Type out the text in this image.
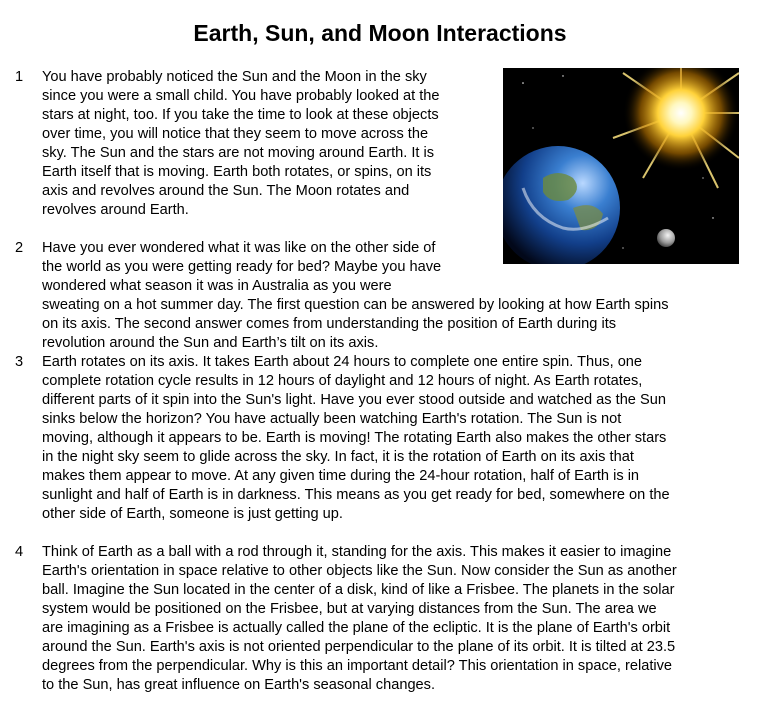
Earth, Sun, and Moon Interactions
1 You have probably noticed the Sun and the Moon in the sky
since you were a small child. You have probably looked at the
stars at night, too. If you take the time to look at these objects
over time, you will notice that they seem to move across the
sky. The Sun and the stars are not moving around Earth. It is
Earth itself that is moving. Earth both rotates, or spins, on its
axis and revolves around the Sun. The Moon rotates and
revolves around Earth.
2 Have you ever wondered what it was like on the other side of
the world as you were getting ready for bed? Maybe you have
wondered what season it was in Australia as you were
sweating on a hot summer day. The first question can be answered by looking at how Earth spins
on its axis. The second answer comes from understanding the position of Earth during its
revolution around the Sun and Earth’s tilt on its axis.
3 Earth rotates on its axis. It takes Earth about 24 hours to complete one entire spin. Thus, one
complete rotation cycle results in 12 hours of daylight and 12 hours of night. As Earth rotates,
different parts of it spin into the Sun's light. Have you ever stood outside and watched as the Sun
sinks below the horizon? You have actually been watching Earth's rotation. The Sun is not
moving, although it appears to be. Earth is moving! The rotating Earth also makes the other stars
in the night sky seem to glide across the sky. In fact, it is the rotation of Earth on its axis that
makes them appear to move. At any given time during the 24-hour rotation, half of Earth is in
sunlight and half of Earth is in darkness. This means as you get ready for bed, somewhere on the
other side of Earth, someone is just getting up.
4 Think of Earth as a ball with a rod through it, standing for the axis. This makes it easier to imagine
Earth's orientation in space relative to other objects like the Sun. Now consider the Sun as another
ball. Imagine the Sun located in the center of a disk, kind of like a Frisbee. The planets in the solar
system would be positioned on the Frisbee, but at varying distances from the Sun. The area we
are imagining as a Frisbee is actually called the plane of the ecliptic. It is the plane of Earth's orbit
around the Sun. Earth's axis is not oriented perpendicular to the plane of its orbit. It is tilted at 23.5
degrees from the perpendicular. Why is this an important detail? This orientation in space, relative
to the Sun, has great influence on Earth's seasonal changes.
